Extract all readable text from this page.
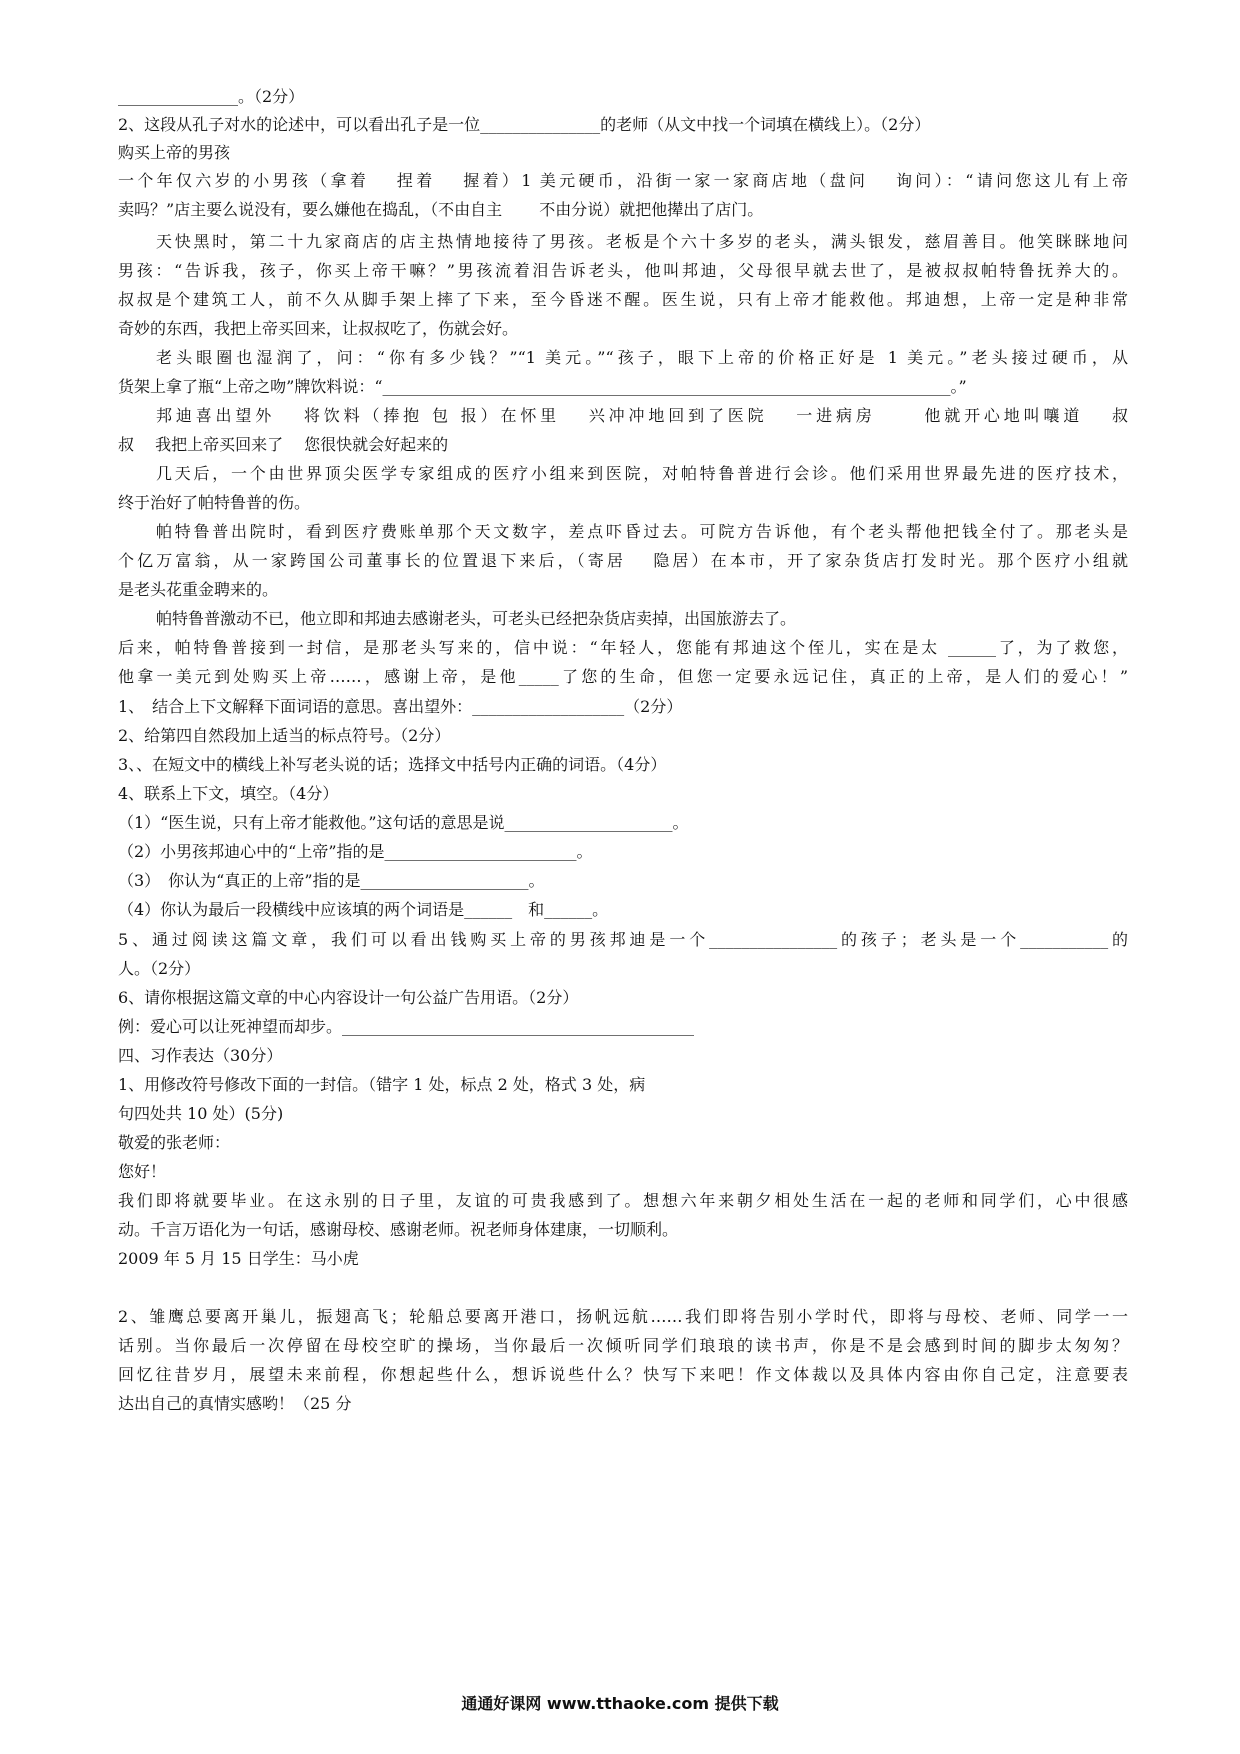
_______________。（2分）
2、这段从孔子对水的论述中，可以看出孔子是一位_______________的老师（从文中找一个词填在横线上）。（2分）
购买上帝的男孩
一个年仅六岁的小男孩（拿着　 捏着　 握着）1 美元硬币，沿街一家一家商店地（盘问　 询问）：“请问您这儿有上帝
卖吗？”店主要么说没有，要么嫌他在捣乱，（不由自主　　 不由分说）就把他撵出了店门。
天快黑时，第二十九家商店的店主热情地接待了男孩。老板是个六十多岁的老头，满头银发，慈眉善目。他笑眯眯地问
男孩：“告诉我，孩子，你买上帝干嘛？”男孩流着泪告诉老头，他叫邦迪，父母很早就去世了，是被叔叔帕特鲁抚养大的。
叔叔是个建筑工人，前不久从脚手架上摔了下来，至今昏迷不醒。医生说，只有上帝才能救他。邦迪想，上帝一定是种非常
奇妙的东西，我把上帝买回来，让叔叔吃了，伤就会好。
老头眼圈也湿润了，问：“你有多少钱？”“1 美元。”“孩子，眼下上帝的价格正好是 1 美元。”老头接过硬币，从
货架上拿了瓶“上帝之吻”牌饮料说：“_______________________________________________________________________。”
邦迪喜出望外　 将饮料（捧抱 包 报）在怀里　 兴冲冲地回到了医院　 一进病房　　 他就开心地叫嚷道　 叔
叔　 我把上帝买回来了　 您很快就会好起来的
几天后，一个由世界顶尖医学专家组成的医疗小组来到医院，对帕特鲁普进行会诊。他们采用世界最先进的医疗技术，
终于治好了帕特鲁普的伤。
帕特鲁普出院时，看到医疗费账单那个天文数字，差点吓昏过去。可院方告诉他，有个老头帮他把钱全付了。那老头是
个亿万富翁，从一家跨国公司董事长的位置退下来后，（寄居　 隐居）在本市，开了家杂货店打发时光。那个医疗小组就
是老头花重金聘来的。
帕特鲁普激动不已，他立即和邦迪去感谢老头，可老头已经把杂货店卖掉，出国旅游去了。
后来，帕特鲁普接到一封信，是那老头写来的，信中说：“年轻人，您能有邦迪这个侄儿，实在是太 ______了，为了救您，
他拿一美元到处购买上帝……，感谢上帝，是他_____了您的生命，但您一定要永远记住，真正的上帝，是人们的爱心！”
1、　结合上下文解释下面词语的意思。喜出望外：___________________（2分）
2、给第四自然段加上适当的标点符号。（2分）
3、、在短文中的横线上补写老头说的话；选择文中括号内正确的词语。（4分）
4、联系上下文，填空。（4分）
（1）“医生说，只有上帝才能救他。”这句话的意思是说_____________________。
（2）小男孩邦迪心中的“上帝”指的是________________________。
（3）　你认为“真正的上帝”指的是_____________________。
（4）你认为最后一段横线中应该填的两个词语是______　和______。
5、通过阅读这篇文章，我们可以看出钱购买上帝的男孩邦迪是一个________________的孩子；老头是一个___________的
人。（2分）
6、请你根据这篇文章的中心内容设计一句公益广告用语。（2分）
例：爱心可以让死神望而却步。____________________________________________
四、习作表达（30分）
1、用修改符号修改下面的一封信。（错字 1 处，标点 2 处，格式 3 处，病
句四处共 10 处）(5分)
敬爱的张老师：
您好！
我们即将就要毕业。在这永别的日子里，友谊的可贵我感到了。想想六年来朝夕相处生活在一起的老师和同学们，心中很感
动。千言万语化为一句话，感谢母校、感谢老师。祝老师身体建康，一切顺利。
2009 年 5 月 15 日学生：马小虎
2、雏鹰总要离开巢儿，振翅高飞；轮船总要离开港口，扬帆远航……我们即将告别小学时代，即将与母校、老师、同学一一
话别。当你最后一次停留在母校空旷的操场，当你最后一次倾听同学们琅琅的读书声，你是不是会感到时间的脚步太匆匆？
回忆往昔岁月，展望未来前程，你想起些什么，想诉说些什么？快写下来吧！作文体裁以及具体内容由你自己定，注意要表
达出自己的真情实感哟！（25 分
通通好课网 www.tthaoke.com 提供下载
